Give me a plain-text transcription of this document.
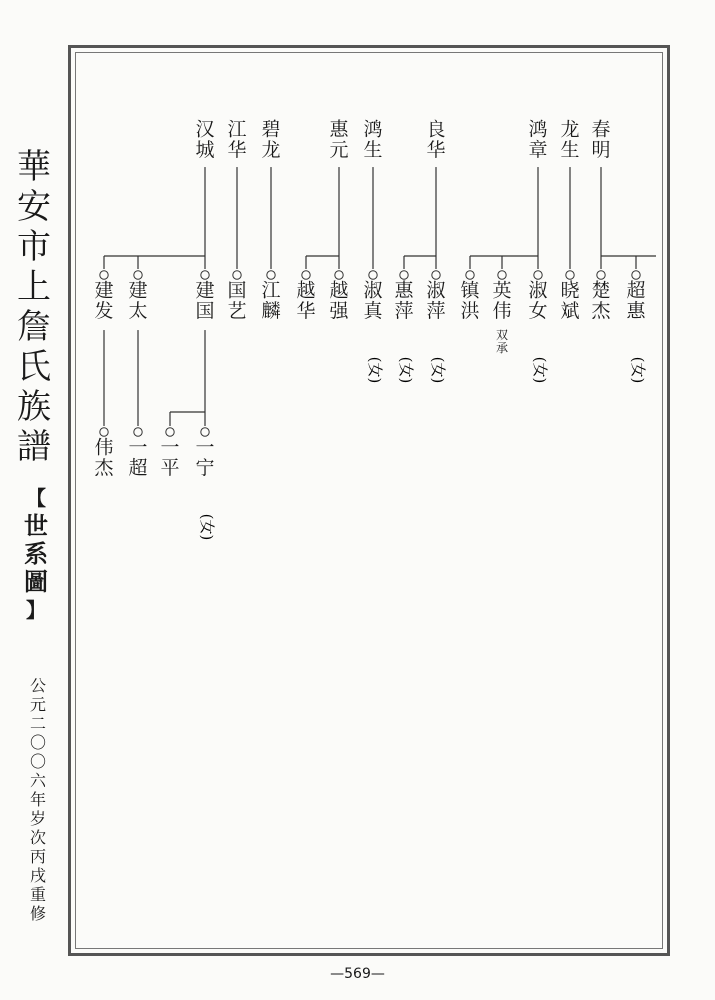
華
安
市
上
詹
氏
族
譜
【
世
系
圖
】
公
元
二
〇
〇
六
年
岁
次
丙
戌
重
修
春
明
超
惠
(女)
楚
杰
龙
生
晓
斌
鸿
章
淑
女
(女)
英
伟
双
承
镇
洪
良
华
淑
萍
(女)
惠
萍
(女)
鸿
生
淑
真
(女)
惠
元
越
强
越
华
碧
龙
江
麟
江
华
国
艺
汉
城
建
国
建
太
建
发
一
宁
(女)
一
平
一
超
伟
杰
—569—
